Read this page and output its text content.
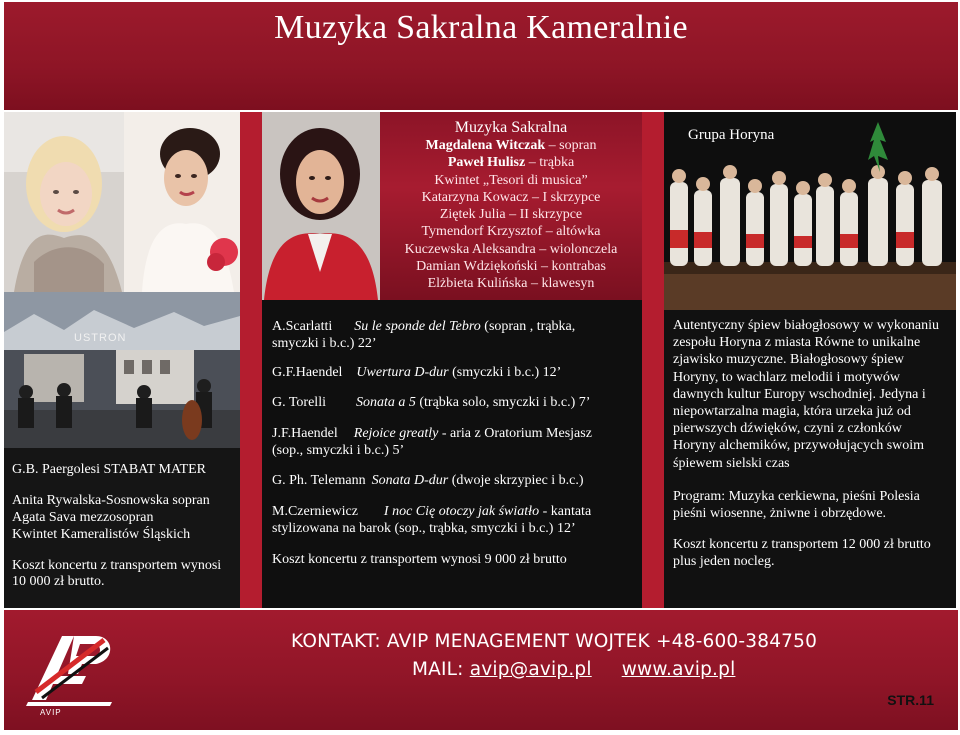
Muzyka Sakralna Kameralnie
USTRON
G.B. Paergolesi STABAT MATER
Anita Rywalska-Sosnowska sopran
Agata Sava mezzosopran
Kwintet Kameralistów Śląskich
Koszt koncertu z transportem wynosi 10 000 zł brutto.
Muzyka Sakralna
Magdalena Witczak – sopran
Paweł Hulisz – trąbka
Kwintet „Tesori di musica”
Katarzyna Kowacz – I skrzypce
Ziętek Julia – II skrzypce
Tymendorf Krzysztof – altówka
Kuczewska Aleksandra – wiolonczela
Damian Wdziękoński – kontrabas
Elżbieta Kulińska – klawesyn
A.Scarlatti Su le sponde del Tebro (sopran , trąbka, smyczki i b.c.) 22’
G.F.Haendel Uwertura D-dur (smyczki i b.c.) 12’
G. Torelli Sonata a 5 (trąbka solo, smyczki i b.c.) 7’
J.F.Haendel Rejoice greatly - aria z Oratorium Mesjasz (sop., smyczki i b.c.) 5’
G. Ph. Telemann Sonata D-dur (dwoje skrzypiec i b.c.)
M.Czerniewicz I noc Cię otoczy jak światło - kantata stylizowana na barok (sop., trąbka, smyczki i b.c.) 12’
Koszt koncertu z transportem wynosi 9 000 zł brutto
Grupa Horyna
Autentyczny śpiew białogłosowy w wykonaniu zespołu Horyna z miasta Równe to unikalne zjawisko muzyczne. Białogłosowy śpiew Horyny, to wachlarz melodii i motywów dawnych kultur Europy wschodniej. Jedyna i niepowtarzalna magia, która urzeka już od pierwszych dźwięków, czyni z członków Horyny alchemików, przywołujących swoim śpiewem sielski czas
Program: Muzyka cerkiewna, pieśni Polesia pieśni wiosenne, żniwne i obrzędowe.
Koszt koncertu z transportem 12 000 zł brutto plus jeden nocleg.
AVIP
KONTAKT: AVIP MENAGEMENT WOJTEK +48-600-384750
MAIL: avip@avip.pl www.avip.pl
STR.11
